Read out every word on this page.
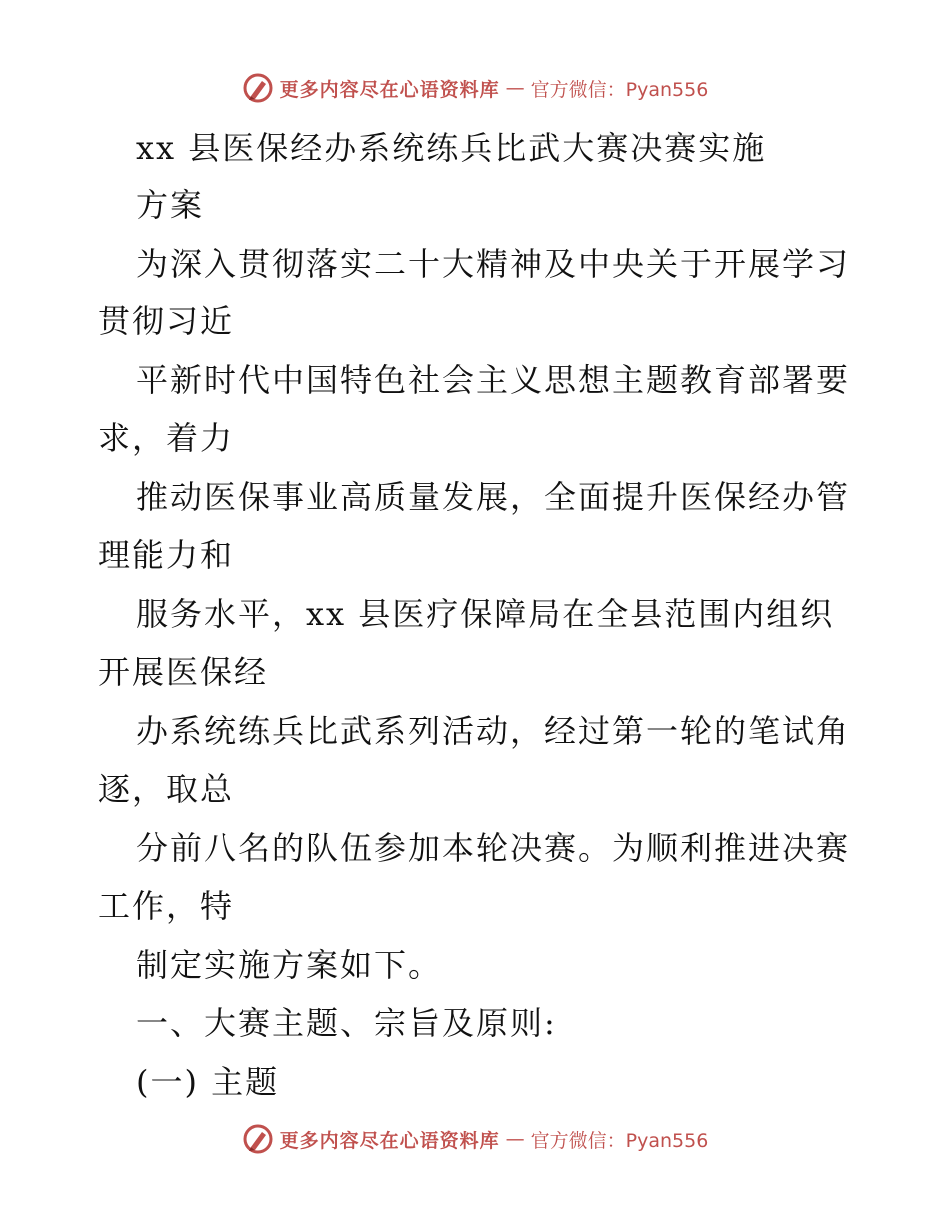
更多内容尽在心语资料库 — 官方微信：Pyan556
xx 县医保经办系统练兵比武大赛决赛实施
方案
为深入贯彻落实二十大精神及中央关于开展学习
贯彻习近
平新时代中国特色社会主义思想主题教育部署要
求，着力
推动医保事业高质量发展，全面提升医保经办管
理能力和
服务水平，xx 县医疗保障局在全县范围内组织
开展医保经
办系统练兵比武系列活动，经过第一轮的笔试角
逐，取总
分前八名的队伍参加本轮决赛。为顺利推进决赛
工作，特
制定实施方案如下。
一、大赛主题、宗旨及原则:
(一) 主题
更多内容尽在心语资料库 — 官方微信：Pyan556
